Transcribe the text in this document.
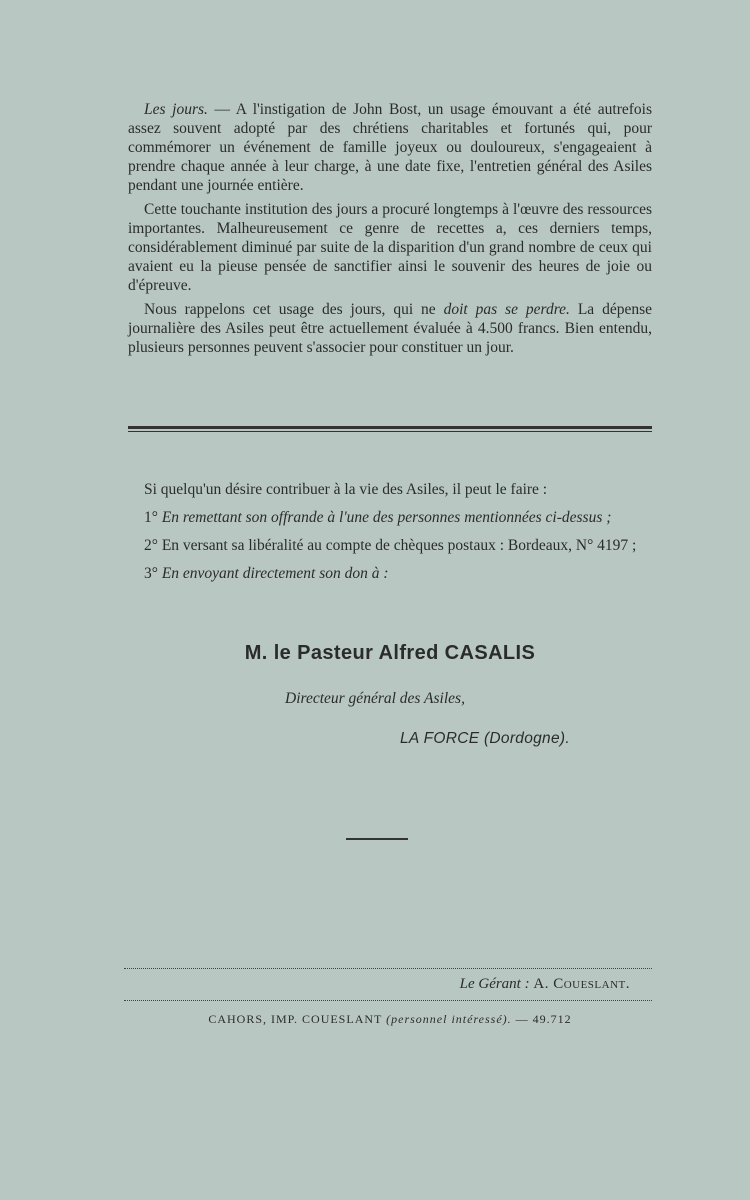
Les jours. — A l'instigation de John Bost, un usage émouvant a été autrefois assez souvent adopté par des chrétiens charitables et fortunés qui, pour commémorer un événement de famille joyeux ou douloureux, s'engageaient à prendre chaque année à leur charge, à une date fixe, l'entretien général des Asiles pendant une journée entière.

Cette touchante institution des jours a procuré longtemps à l'œuvre des ressources importantes. Malheureusement ce genre de recettes a, ces derniers temps, considérablement diminué par suite de la disparition d'un grand nombre de ceux qui avaient eu la pieuse pensée de sanctifier ainsi le souvenir des heures de joie ou d'épreuve.

Nous rappelons cet usage des jours, qui ne doit pas se perdre. La dépense journalière des Asiles peut être actuellement évaluée à 4.500 francs. Bien entendu, plusieurs personnes peuvent s'associer pour constituer un jour.

Si quelqu'un désire contribuer à la vie des Asiles, il peut le faire :

1° En remettant son offrande à l'une des personnes mentionnées ci-dessus ;

2° En versant sa libéralité au compte de chèques postaux : Bordeaux, N° 4197 ;

3° En envoyant directement son don à :

M. le Pasteur Alfred CASALIS
Directeur général des Asiles,
LA FORCE (Dordogne).
Le Gérant : A. Coueslant.
CAHORS, IMP. COUESLANT (personnel intéressé). — 49.712
